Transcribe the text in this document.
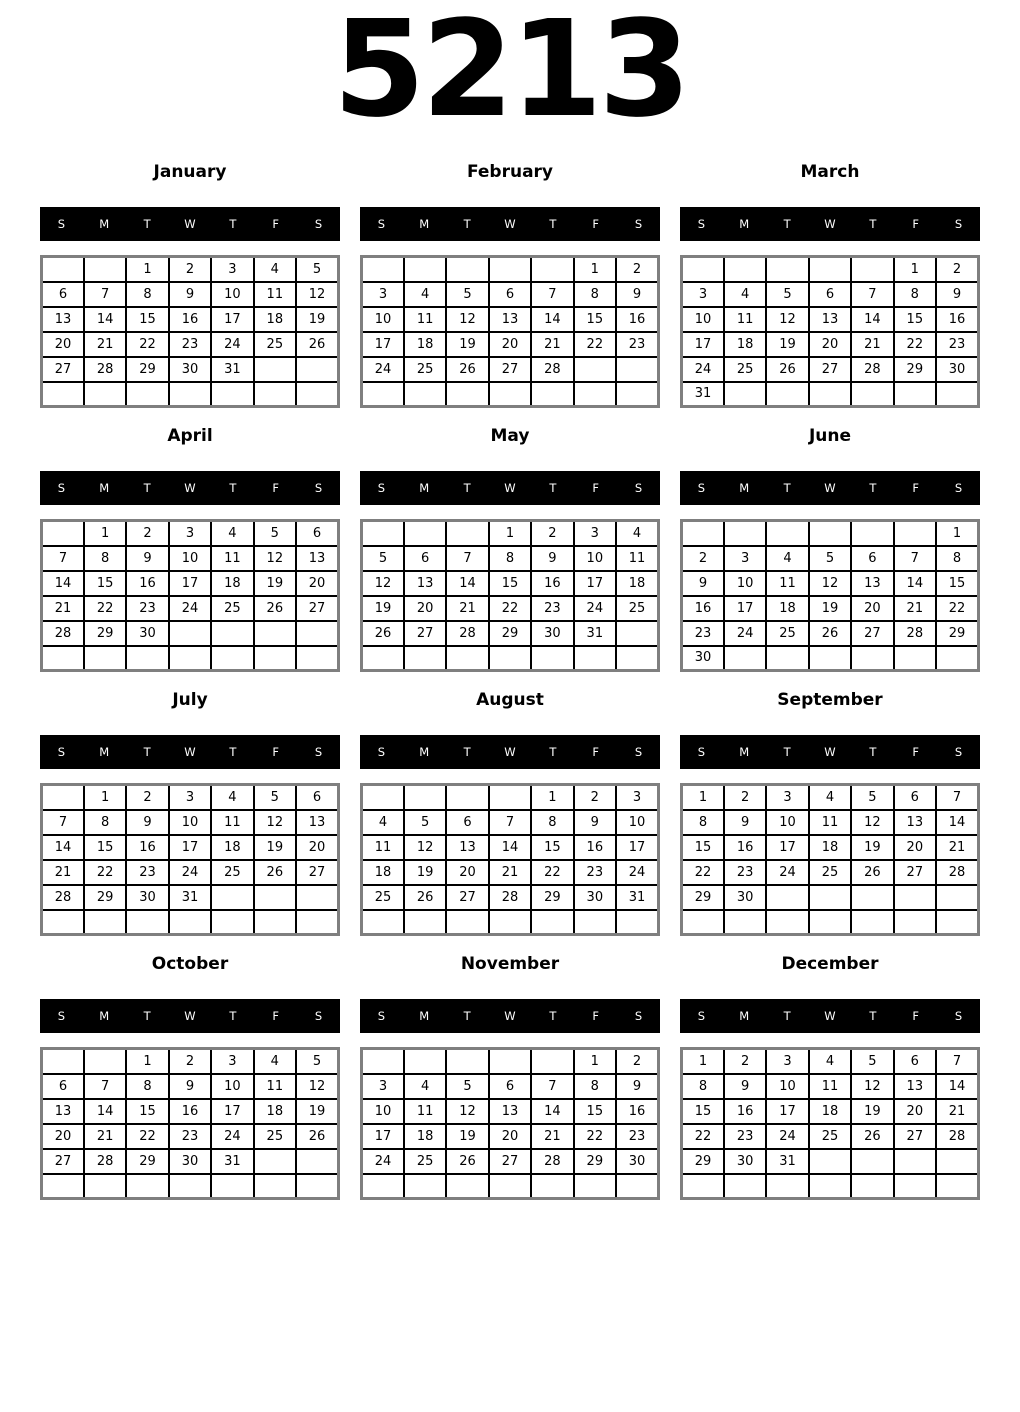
5213
January
S	M	T	W	T	F	S
		1	2	3	4	5
6	7	8	9	10	11	12
13	14	15	16	17	18	19
20	21	22	23	24	25	26
27	28	29	30	31		

February
S	M	T	W	T	F	S
					1	2
3	4	5	6	7	8	9
10	11	12	13	14	15	16
17	18	19	20	21	22	23
24	25	26	27	28		

March
S	M	T	W	T	F	S
					1	2
3	4	5	6	7	8	9
10	11	12	13	14	15	16
17	18	19	20	21	22	23
24	25	26	27	28	29	30
31						
April
S	M	T	W	T	F	S
	1	2	3	4	5	6
7	8	9	10	11	12	13
14	15	16	17	18	19	20
21	22	23	24	25	26	27
28	29	30				

May
S	M	T	W	T	F	S
			1	2	3	4
5	6	7	8	9	10	11
12	13	14	15	16	17	18
19	20	21	22	23	24	25
26	27	28	29	30	31	

June
S	M	T	W	T	F	S
						1
2	3	4	5	6	7	8
9	10	11	12	13	14	15
16	17	18	19	20	21	22
23	24	25	26	27	28	29
30						
July
S	M	T	W	T	F	S
	1	2	3	4	5	6
7	8	9	10	11	12	13
14	15	16	17	18	19	20
21	22	23	24	25	26	27
28	29	30	31			

August
S	M	T	W	T	F	S
				1	2	3
4	5	6	7	8	9	10
11	12	13	14	15	16	17
18	19	20	21	22	23	24
25	26	27	28	29	30	31

September
S	M	T	W	T	F	S
1	2	3	4	5	6	7
8	9	10	11	12	13	14
15	16	17	18	19	20	21
22	23	24	25	26	27	28
29	30					

October
S	M	T	W	T	F	S
		1	2	3	4	5
6	7	8	9	10	11	12
13	14	15	16	17	18	19
20	21	22	23	24	25	26
27	28	29	30	31		

November
S	M	T	W	T	F	S
					1	2
3	4	5	6	7	8	9
10	11	12	13	14	15	16
17	18	19	20	21	22	23
24	25	26	27	28	29	30

December
S	M	T	W	T	F	S
1	2	3	4	5	6	7
8	9	10	11	12	13	14
15	16	17	18	19	20	21
22	23	24	25	26	27	28
29	30	31				
